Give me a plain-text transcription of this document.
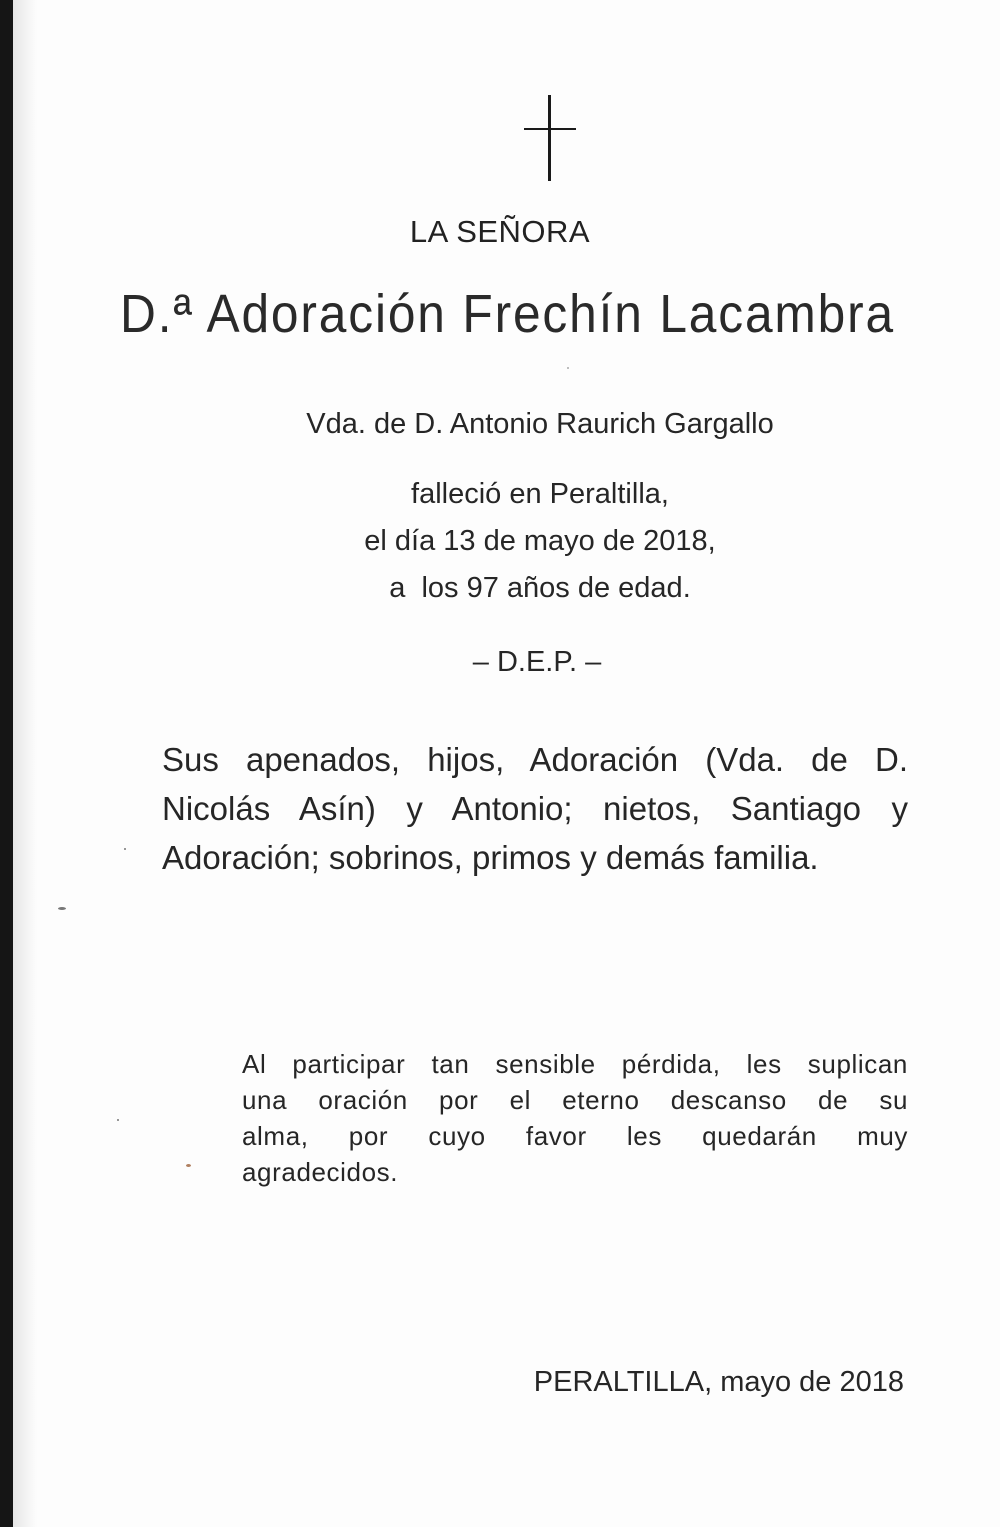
LA SEÑORA
D.ª Adoración Frechín Lacambra
Vda. de D. Antonio Raurich Gargallo
falleció en Peraltilla,
el día 13 de mayo de 2018,
a  los 97 años de edad.
– D.E.P. –
Sus apenados, hijos, Adoración (Vda. de D.
Nicolás Asín) y Antonio; nietos, Santiago y
Adoración; sobrinos, primos y demás familia.
Al participar tan sensible pérdida, les suplican
una oración por el eterno descanso de su
alma, por cuyo favor les quedarán muy
agradecidos.
PERALTILLA, mayo de 2018
